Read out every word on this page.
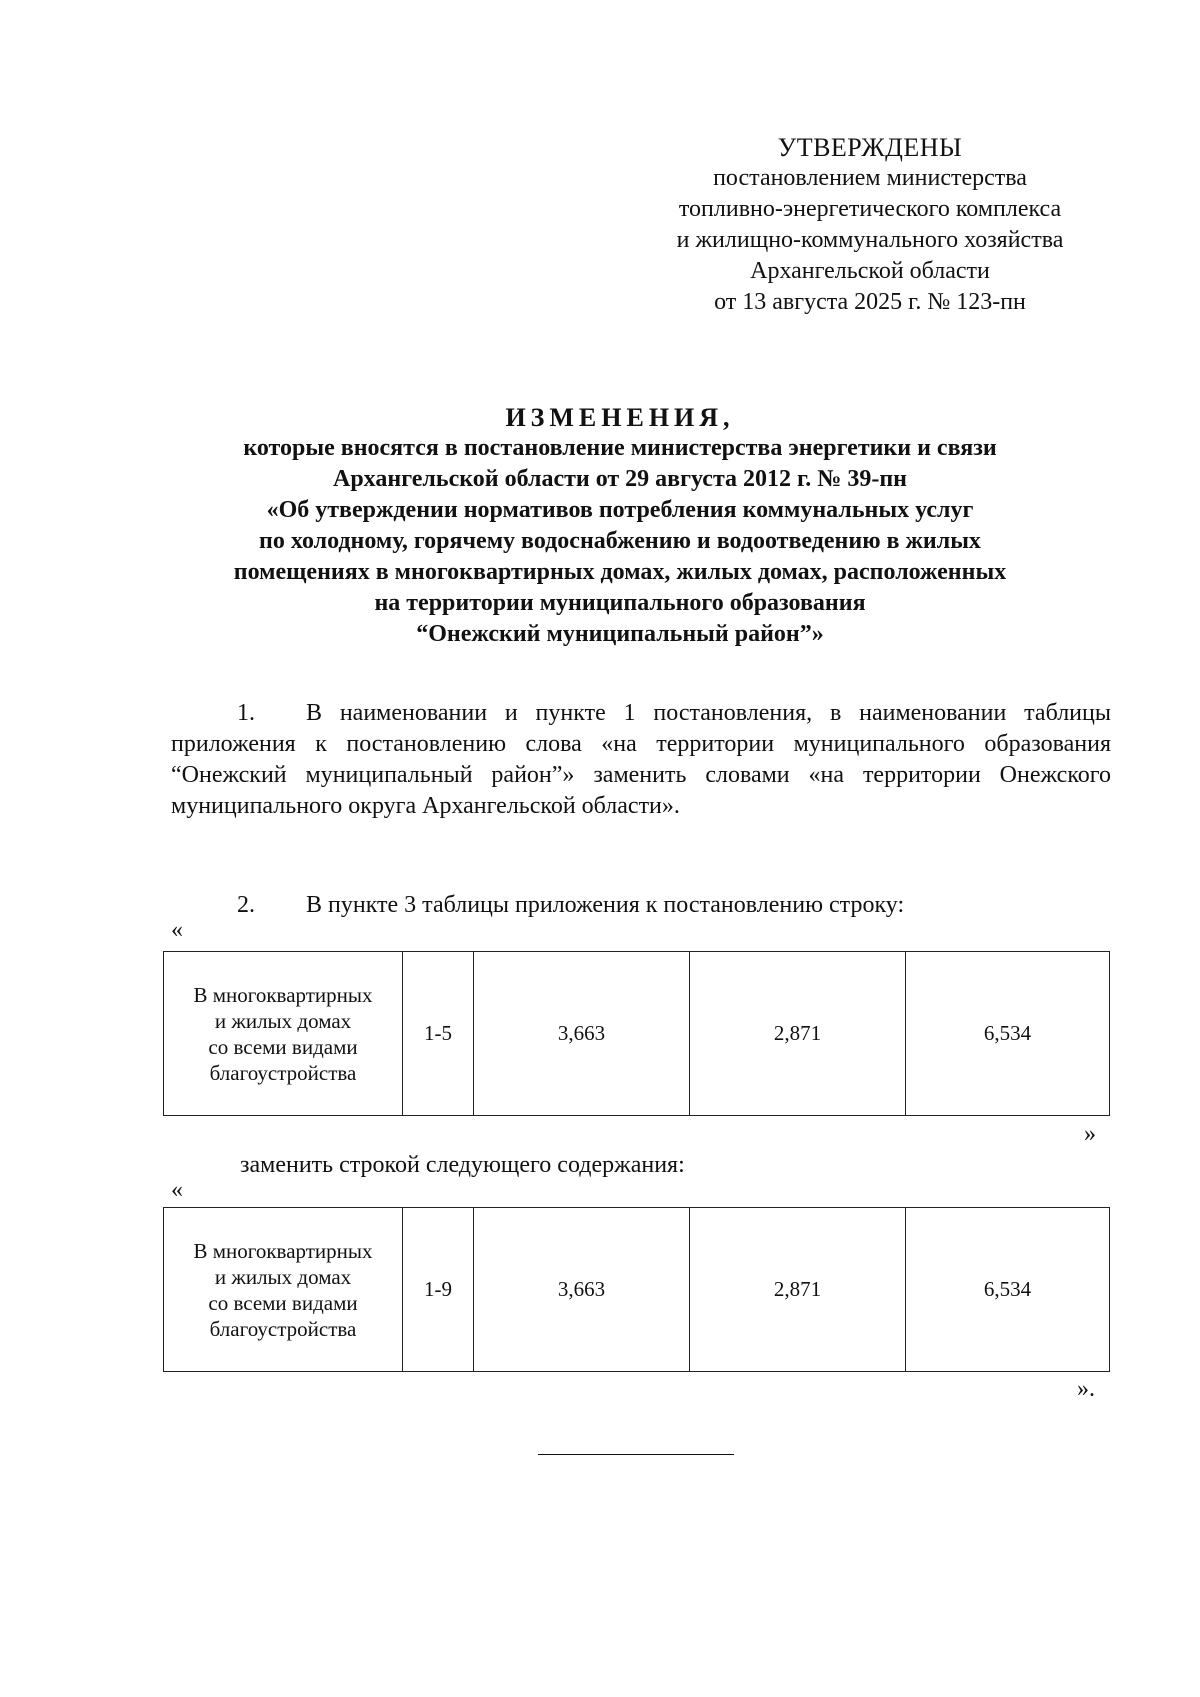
УТВЕРЖДЕНЫ
постановлением министерства
топливно-энергетического комплекса
и жилищно-коммунального хозяйства
Архангельской области
от 13 августа 2025 г. № 123-пн
ИЗМЕНЕНИЯ,
которые вносятся в постановление министерства энергетики и связи
Архангельской области от 29 августа 2012 г. № 39-пн
«Об утверждении нормативов потребления коммунальных услуг
по холодному, горячему водоснабжению и водоотведению в жилых
помещениях в многоквартирных домах, жилых домах, расположенных
на территории муниципального образования
“Онежский муниципальный район”»
1. В наименовании и пункте 1 постановления, в наименовании таблицы приложения к постановлению слова «на территории муниципального образования “Онежский муниципальный район”» заменить словами «на территории Онежского муниципального округа Архангельской области».
2. В пункте 3 таблицы приложения к постановлению строку:
«
В многоквартирных
и жилых домах
со всеми видами
благоустройства
	1-5	3,663	2,871	6,534
»
заменить строкой следующего содержания:
«
В многоквартирных
и жилых домах
со всеми видами
благоустройства
	1-9	3,663	2,871	6,534
».
